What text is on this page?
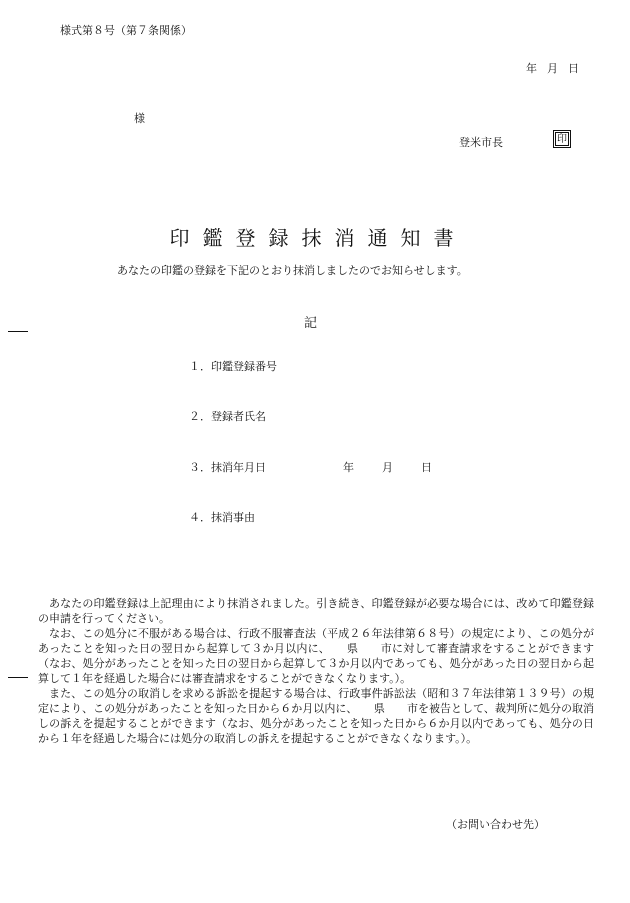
様式第８号（第７条関係）
年 月 日
様
登米市長	印
印鑑登録抹消通知書
あなたの印鑑の登録を下記のとおり抹消しましたのでお知らせします。
記
１．印鑑登録番号
２．登録者氏名
３．抹消年月日	年	月	日
４．抹消事由

あなたの印鑑登録は上記理由により抹消されました。引き続き、印鑑登録が必要な場合には、改めて印鑑登録の申請を行ってください。

なお、この処分に不服がある場合は、行政不服審査法（平成２６年法律第６８号）の規定により、この処分があったことを知った日の翌日から起算して３か月以内に、　　県　　市に対して審査請求をすることができます（なお、処分があったことを知った日の翌日から起算して３か月以内であっても、処分があった日の翌日から起算して１年を経過した場合には審査請求をすることができなくなります。）。

また、この処分の取消しを求める訴訟を提起する場合は、行政事件訴訟法（昭和３７年法律第１３９号）の規定により、この処分があったことを知った日から６か月以内に、　　県　　市を被告として、裁判所に処分の取消しの訴えを提起することができます（なお、処分があったことを知った日から６か月以内であっても、処分の日から１年を経過した場合には処分の取消しの訴えを提起することができなくなります。）。

（お問い合わせ先）
